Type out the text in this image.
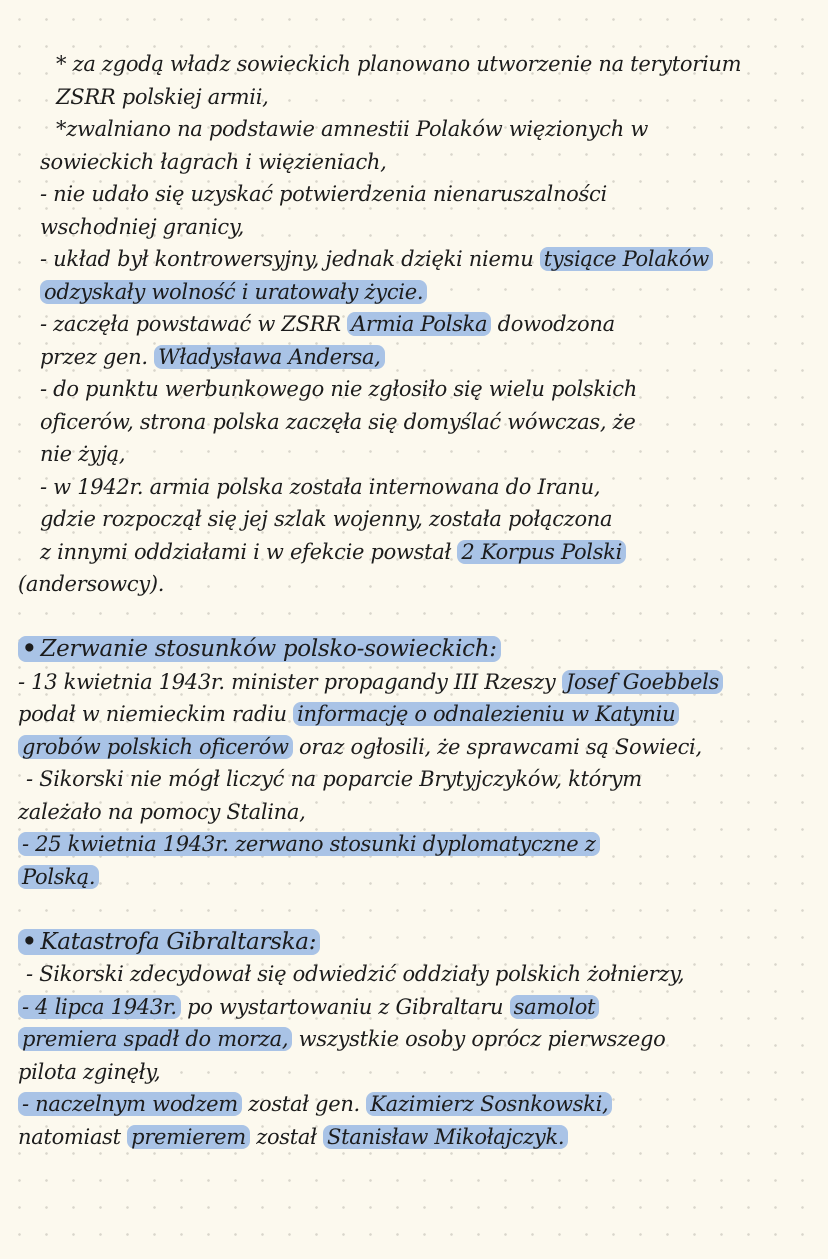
* za zgodą władz sowieckich planowano utworzenie na terytorium
ZSRR polskiej armii,
*zwalniano na podstawie amnestii Polaków więzionych w
sowieckich łagrach i więzieniach,
- nie udało się uzyskać potwierdzenia nienaruszalności
wschodniej granicy,
- układ był kontrowersyjny, jednak dzięki niemu tysiące Polaków
odzyskały wolność i uratowały życie.
- zaczęła powstawać w ZSRR Armia Polska dowodzona
przez gen. Władysława Andersa,
- do punktu werbunkowego nie zgłosiło się wielu polskich
oficerów, strona polska zaczęła się domyślać wówczas, że
nie żyją,
- w 1942r. armia polska została internowana do Iranu,
gdzie rozpoczął się jej szlak wojenny, została połączona
z innymi oddziałami i w efekcie powstał 2 Korpus Polski
(andersowcy).
• Zerwanie stosunków polsko-sowieckich:
- 13 kwietnia 1943r. minister propagandy III Rzeszy Josef Goebbels
podał w niemieckim radiu informację o odnalezieniu w Katyniu
grobów polskich oficerów oraz ogłosili, że sprawcami są Sowieci,
- Sikorski nie mógł liczyć na poparcie Brytyjczyków, którym
zależało na pomocy Stalina,
- 25 kwietnia 1943r. zerwano stosunki dyplomatyczne z
Polską.
• Katastrofa Gibraltarska:
- Sikorski zdecydował się odwiedzić oddziały polskich żołnierzy,
- 4 lipca 1943r. po wystartowaniu z Gibraltaru samolot
premiera spadł do morza, wszystkie osoby oprócz pierwszego
pilota zginęły,
- naczelnym wodzem został gen. Kazimierz Sosnkowski,
natomiast premierem został Stanisław Mikołajczyk.
